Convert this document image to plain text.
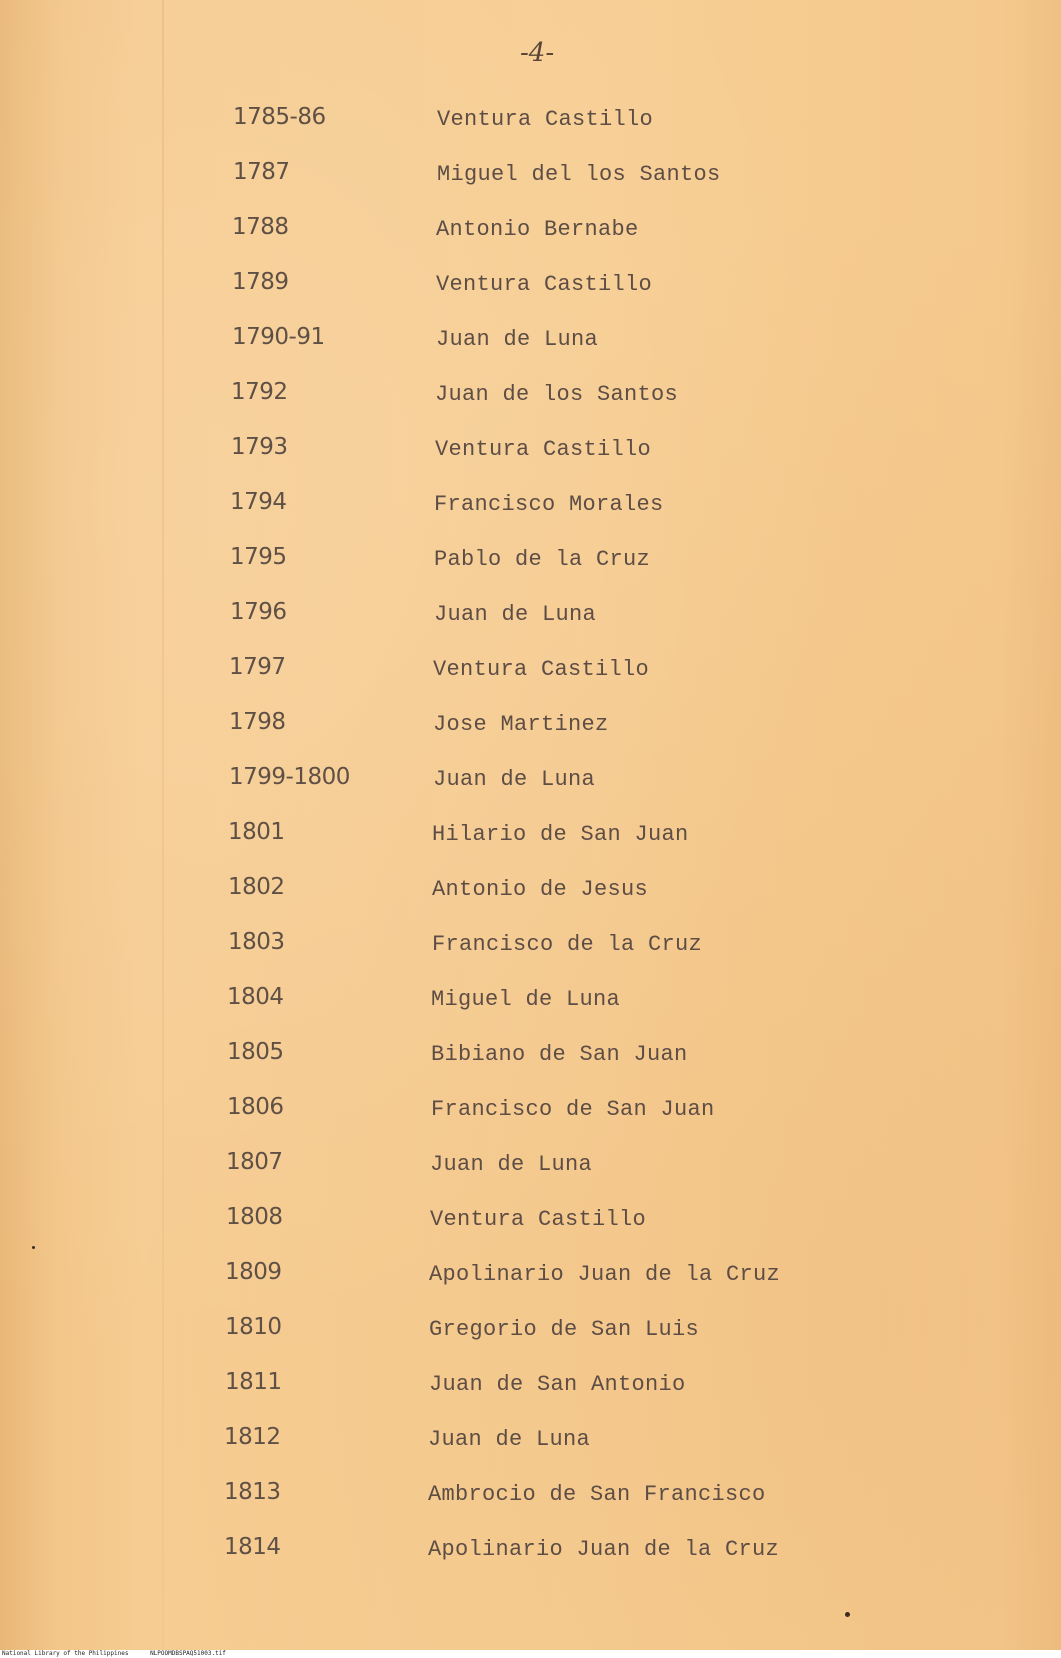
-4-
1785-86	Ventura Castillo
1787	Miguel del los Santos
1788	Antonio Bernabe
1789	Ventura Castillo
1790-91	Juan de Luna
1792	Juan de los Santos
1793	Ventura Castillo
1794	Francisco Morales
1795	Pablo de la Cruz
1796	Juan de Luna
1797	Ventura Castillo
1798	Jose Martinez
1799-1800	Juan de Luna
1801	Hilario de San Juan
1802	Antonio de Jesus
1803	Francisco de la Cruz
1804	Miguel de Luna
1805	Bibiano de San Juan
1806	Francisco de San Juan
1807	Juan de Luna
1808	Ventura Castillo
1809	Apolinario Juan de la Cruz
1810	Gregorio de San Luis
1811	Juan de San Antonio
1812	Juan de Luna
1813	Ambrocio de San Francisco
1814	Apolinario Juan de la Cruz
National Library of the Philippines	NLPOOMDBSPAQ51003.tif
